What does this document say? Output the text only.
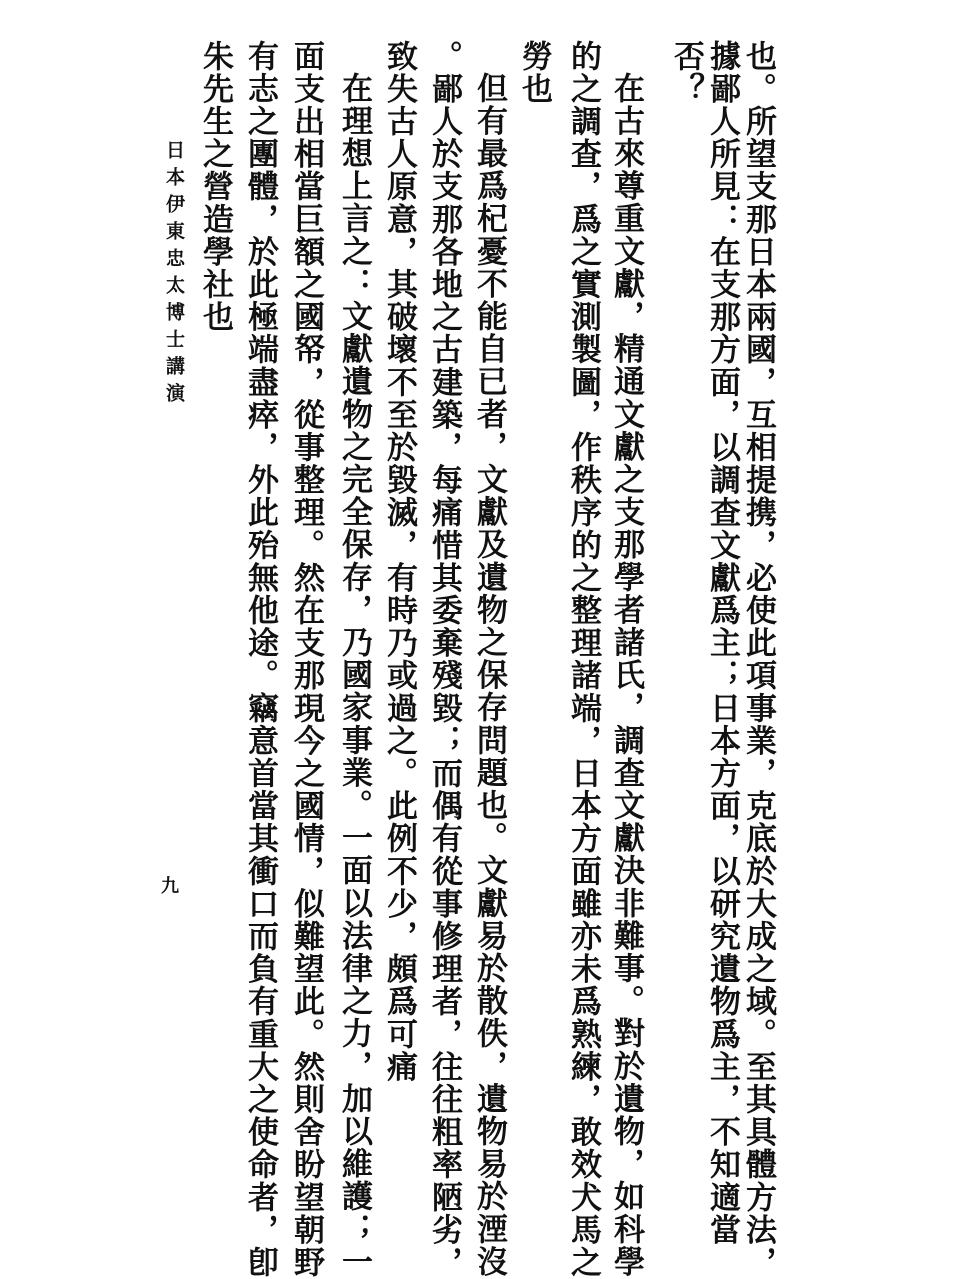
否？ 據鄙人所見：在支那方面，以調查文獻爲主；日本方面，以研究遺物爲主，不知適當 也。所望支那日本兩國，互相提携，必使此項事業，克底於大成之域。至其具體方法，
在古來尊重文獻，精通文獻之支那學者諸氏，調查文獻決非難事。對於遺物，如科學
的之調查，爲之實測製圖，作秩序的之整理諸端，日本方面雖亦未爲熟練，敢效犬馬之
勞也
但有最爲杞憂不能自已者，文獻及遺物之保存問題也。文獻易於散佚，遺物易於湮沒
。鄙人於支那各地之古建築，每痛惜其委棄殘毀；而偶有從事修理者，往往粗率陋劣，
致失古人原意，其破壞不至於毀滅，有時乃或過之。此例不少，頗爲可痛
在理想上言之：文獻遺物之完全保存，乃國家事業。一面以法律之力，加以維護；一
面支出相當巨額之國帑，從事整理。然在支那現今之國情，似難望此。然則舍盼望朝野
有志之團體，於此極端盡瘁，外此殆無他途。竊意首當其衝口而負有重大之使命者，卽
朱先生之營造學社也
日本伊東忠太博士講演
九
